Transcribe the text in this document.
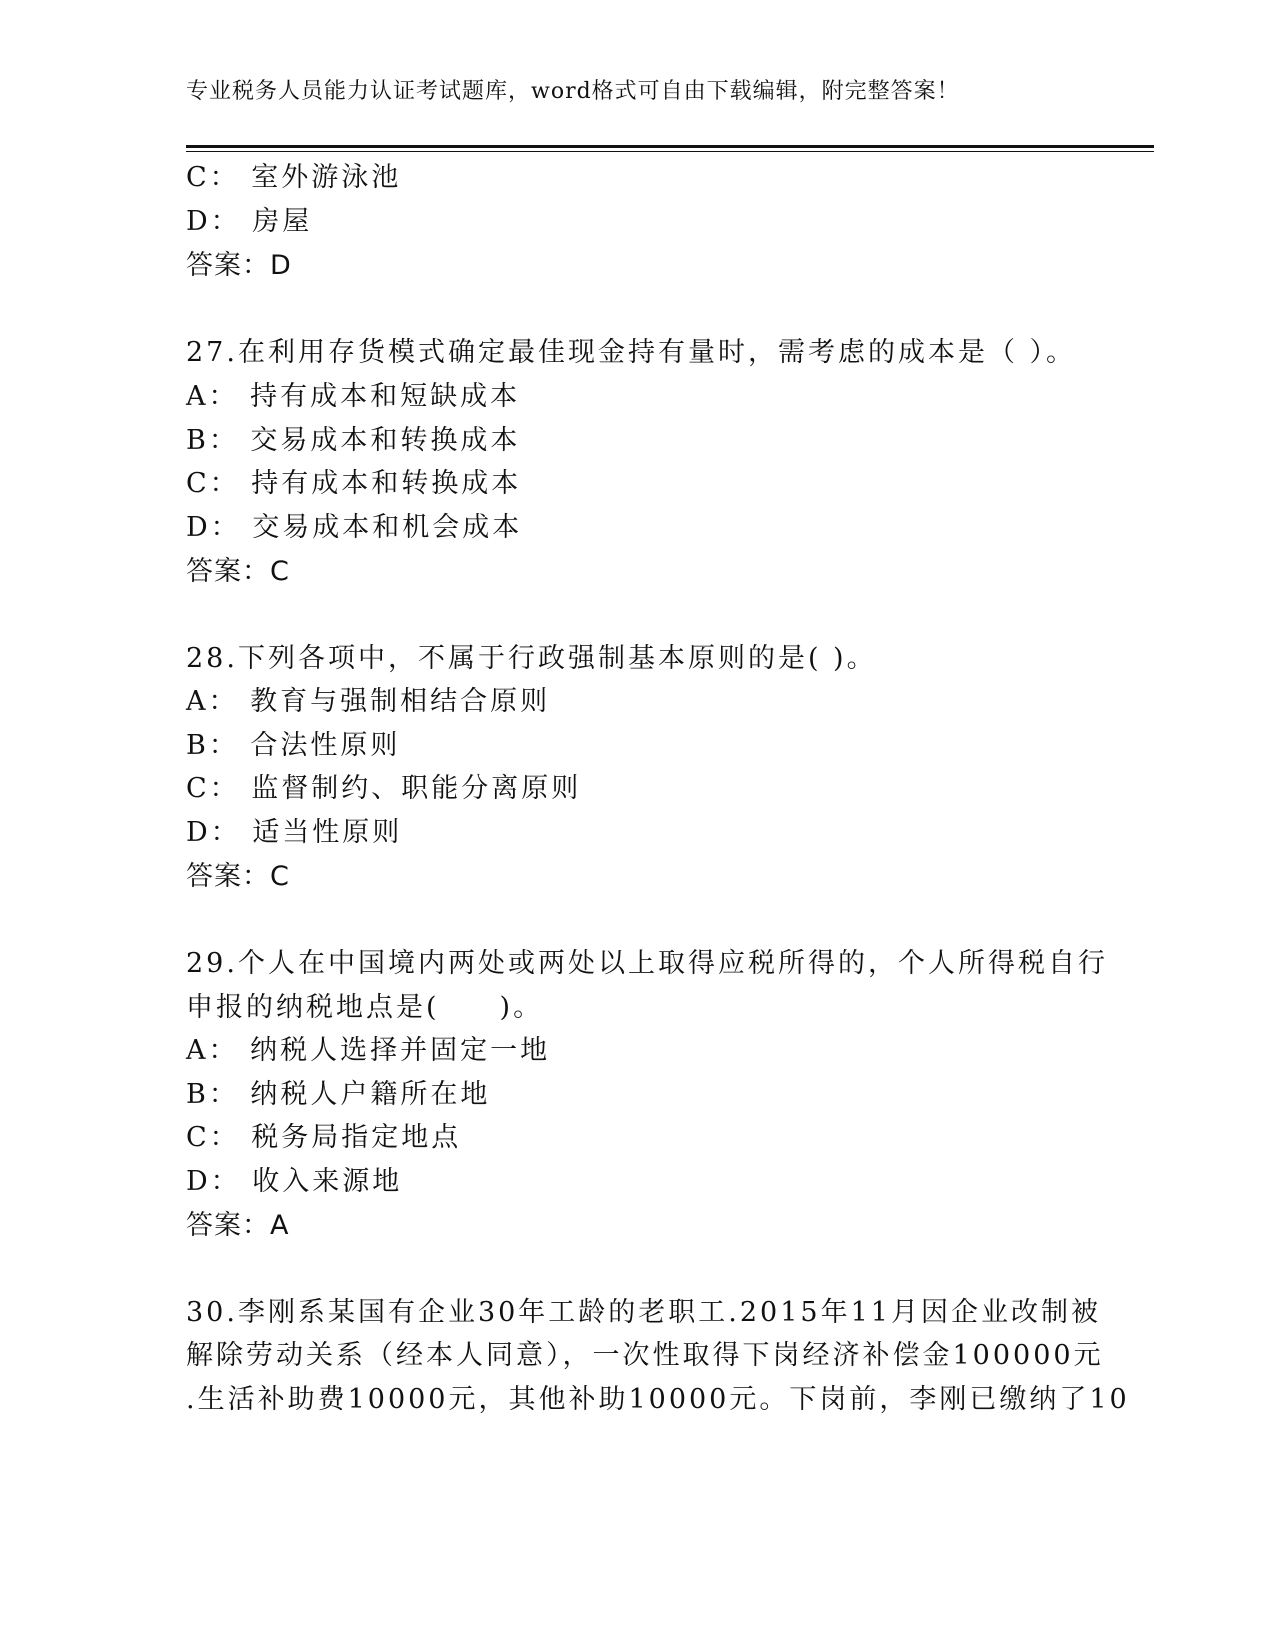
专业税务人员能力认证考试题库，word格式可自由下载编辑，附完整答案！
C： 室外游泳池
D： 房屋
答案：D
27.在利用存货模式确定最佳现金持有量时，需考虑的成本是（ ）。
A： 持有成本和短缺成本
B： 交易成本和转换成本
C： 持有成本和转换成本
D： 交易成本和机会成本
答案：C
28.下列各项中，不属于行政强制基本原则的是( )。
A： 教育与强制相结合原则
B： 合法性原则
C： 监督制约、职能分离原则
D： 适当性原则
答案：C
29.个人在中国境内两处或两处以上取得应税所得的，个人所得税自行
申报的纳税地点是(　　)。
A： 纳税人选择并固定一地
B： 纳税人户籍所在地
C： 税务局指定地点
D： 收入来源地
答案：A
30.李刚系某国有企业30年工龄的老职工.2015年11月因企业改制被
解除劳动关系（经本人同意），一次性取得下岗经济补偿金100000元
.生活补助费10000元，其他补助10000元。下岗前，李刚已缴纳了10
